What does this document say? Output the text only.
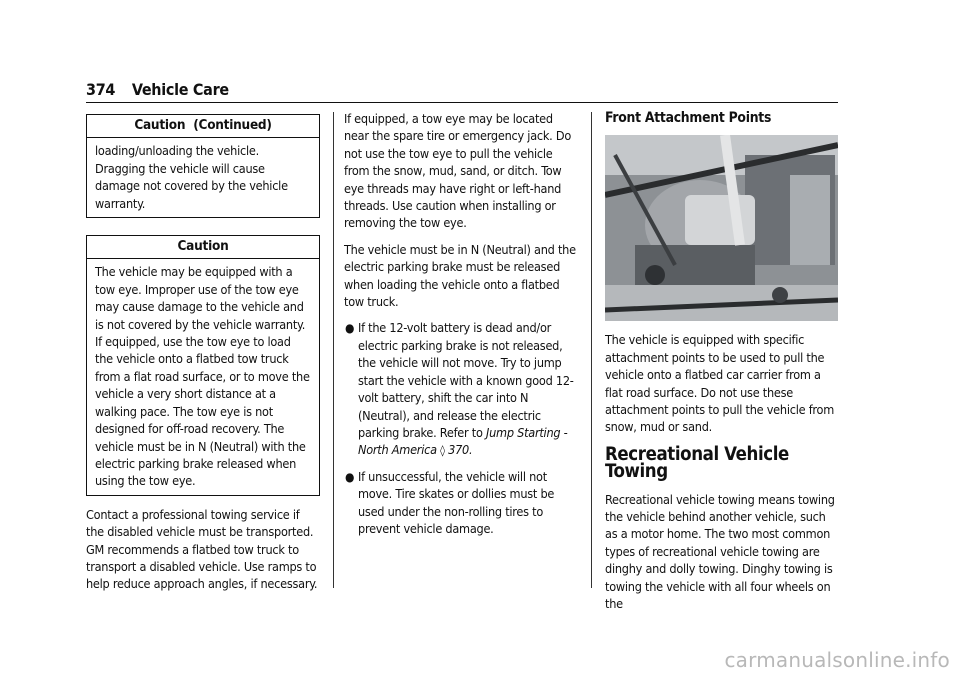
374 Vehicle Care
Caution  (Continued)

loading/unloading the vehicle. Dragging the vehicle will cause damage not covered by the vehicle warranty.

Caution

The vehicle may be equipped with a tow eye. Improper use of the tow eye may cause damage to the vehicle and is not covered by the vehicle warranty.

If equipped, use the tow eye to load the vehicle onto a flatbed tow truck from a flat road surface, or to move the vehicle a very short distance at a walking pace. The tow eye is not designed for off-road recovery. The vehicle must be in N (Neutral) with the electric parking brake released when using the tow eye.

Contact a professional towing service if the disabled vehicle must be transported. GM recommends a flatbed tow truck to transport a disabled vehicle. Use ramps to help reduce approach angles, if necessary.

If equipped, a tow eye may be located near the spare tire or emergency jack. Do not use the tow eye to pull the vehicle from the snow, mud, sand, or ditch. Tow eye threads may have right or left-hand threads. Use caution when installing or removing the tow eye.

The vehicle must be in N (Neutral) and the electric parking brake must be released when loading the vehicle onto a flatbed tow truck.

● If the 12-volt battery is dead and/or electric parking brake is not released, the vehicle will not move. Try to jump start the vehicle with a known good 12-volt battery, shift the car into N (Neutral), and release the electric parking brake. Refer to Jump Starting - North America ◊ 370.
● If unsuccessful, the vehicle will not move. Tire skates or dollies must be used under the non-rolling tires to prevent vehicle damage.
Front Attachment Points

The vehicle is equipped with specific attachment points to be used to pull the vehicle onto a flatbed car carrier from a flat road surface. Do not use these attachment points to pull the vehicle from snow, mud or sand.

Recreational Vehicle Towing

Recreational vehicle towing means towing the vehicle behind another vehicle, such as a motor home. The two most common types of recreational vehicle towing are dinghy and dolly towing. Dinghy towing is towing the vehicle with all four wheels on the

carmanualsonline.info
